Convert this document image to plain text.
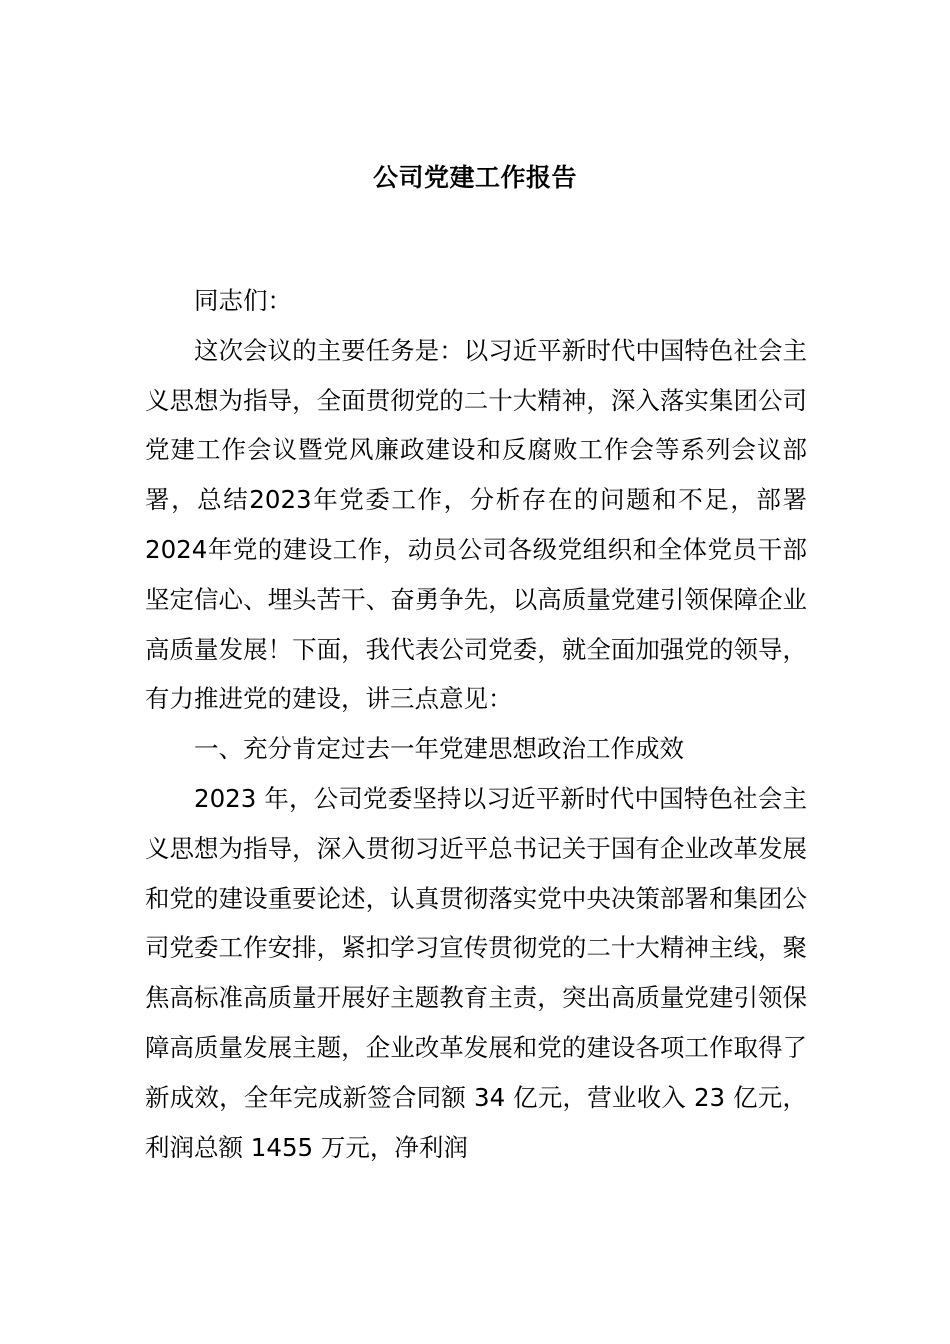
公司党建工作报告

同志们：

这次会议的主要任务是：以习近平新时代中国特色社会主义思想为指导，全面贯彻党的二十大精神，深入落实集团公司党建工作会议暨党风廉政建设和反腐败工作会等系列会议部署，总结2023年党委工作，分析存在的问题和不足，部署2024年党的建设工作，动员公司各级党组织和全体党员干部坚定信心、埋头苦干、奋勇争先，以高质量党建引领保障企业高质量发展！下面，我代表公司党委，就全面加强党的领导，有力推进党的建设，讲三点意见：

一、充分肯定过去一年党建思想政治工作成效

2023 年，公司党委坚持以习近平新时代中国特色社会主义思想为指导，深入贯彻习近平总书记关于国有企业改革发展和党的建设重要论述，认真贯彻落实党中央决策部署和集团公司党委工作安排，紧扣学习宣传贯彻党的二十大精神主线，聚焦高标准高质量开展好主题教育主责，突出高质量党建引领保障高质量发展主题，企业改革发展和党的建设各项工作取得了新成效，全年完成新签合同额 34 亿元，营业收入 23 亿元，利润总额 1455 万元，净利润
